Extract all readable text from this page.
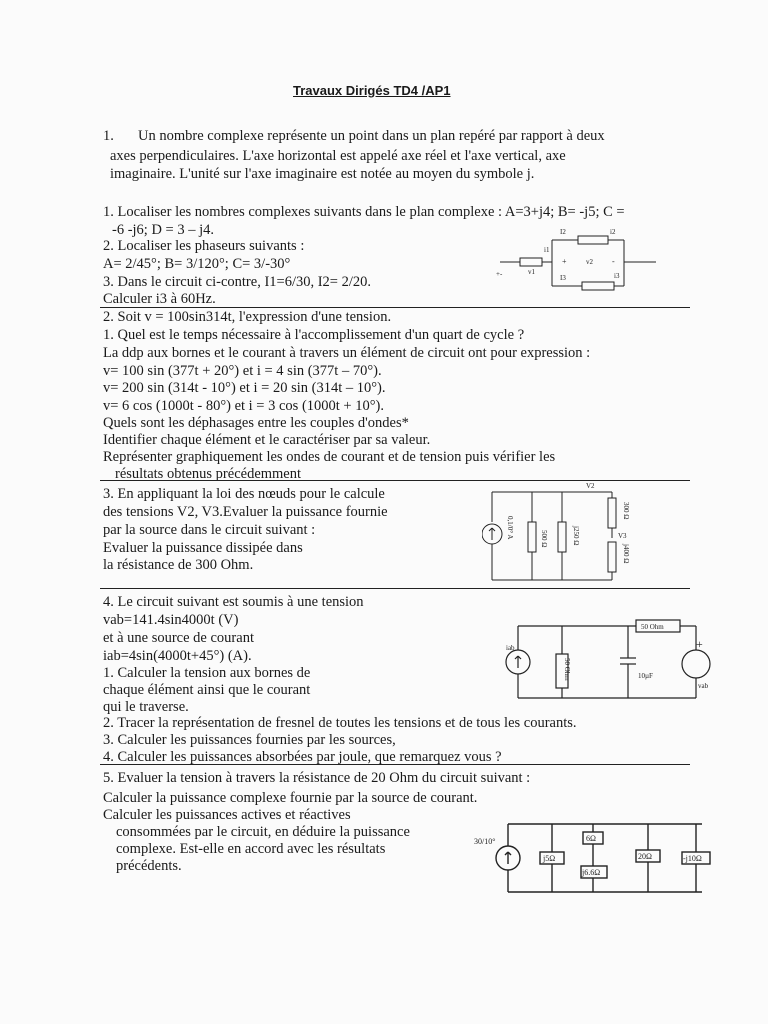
Travaux Dirigés TD4 /AP1
1. Un nombre complexe représente un point dans un plan repéré par rapport à deux
axes perpendiculaires. L'axe horizontal est appelé axe réel et l'axe vertical, axe
imaginaire. L'unité sur l'axe imaginaire est notée au moyen du symbole j.
1. Localiser les nombres complexes suivants dans le plan complexe : A=3+j4; B= -j5; C =
-6 -j6; D = 3 – j4.
2. Localiser les phaseurs suivants :
A= 2/45°; B= 3/120°; C= 3/-30°
3. Dans le circuit ci-contre, I1=6/30, I2= 2/20.
Calculer i3 à 60Hz.
I2	i2
i1
v1
v2
+	-
I3	i3
+-
2. Soit v = 100sin314t, l'expression d'une tension.
1. Quel est le temps nécessaire à l'accomplissement d'un quart de cycle ?
La ddp aux bornes et le courant à travers un élément de circuit ont pour expression :
v= 100 sin (377t + 20°) et i = 4 sin (377t – 70°).
v= 200 sin (314t - 10°) et i = 20 sin (314t – 10°).
v= 6 cos (1000t - 80°) et i = 3 cos (1000t + 10°).
Quels sont les déphasages entre les couples d'ondes*
Identifier chaque élément et le caractériser par sa valeur.
Représenter graphiquement les ondes de courant et de tension puis vérifier les
résultats obtenus précédemment
3. En appliquant la loi des nœuds pour le calcule
des tensions V2, V3.Evaluer la puissance fournie
par la source dans le circuit suivant :
Evaluer la puissance dissipée dans
la résistance de 300 Ohm.
V2
0,1/0° A	500 Ω	j250 Ω
300 Ω
V3
j400 Ω
4. Le circuit suivant est soumis à une tension
vab=141.4sin4000t (V)
et à une source de courant
iab=4sin(4000t+45°) (A).
1. Calculer la tension aux bornes de
chaque élément ainsi que le courant
qui le traverse.
2. Tracer la représentation de fresnel de toutes les tensions et de tous les courants.
3. Calculer les puissances fournies par les sources,
4. Calculer les puissances absorbées par joule, que remarquez vous ?
50 Ohm
50 Ohm	10µF
iab	+
vab
5. Evaluer la tension à travers la résistance de 20 Ohm du circuit suivant :
Calculer la puissance complexe fournie par la source de courant.
Calculer les puissances actives et réactives
consommées par le circuit, en déduire la puissance
complexe. Est-elle en accord avec les résultats
précédents.
30/10°
j5Ω
6Ω
j6.6Ω
20Ω	-j10Ω
